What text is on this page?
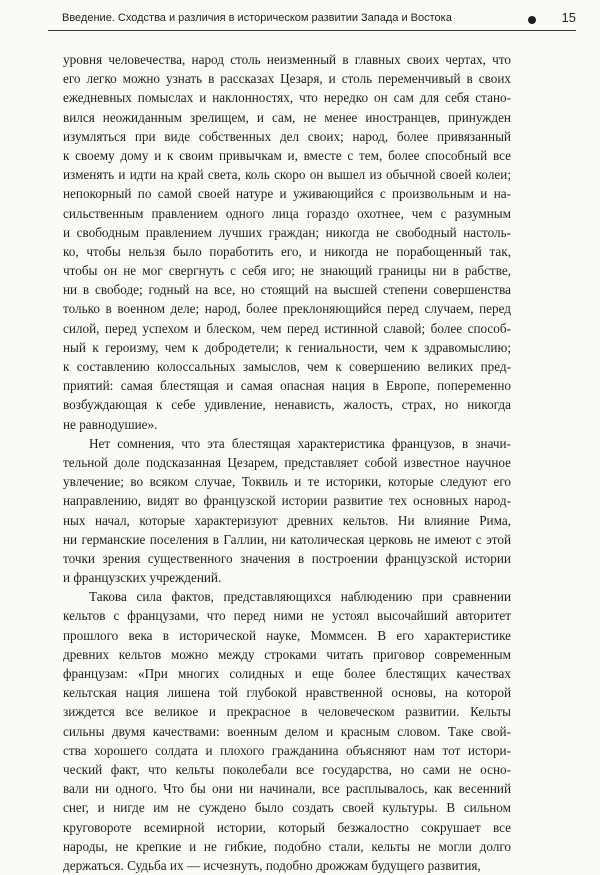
Введение. Сходства и различия в историческом развитии Запада и Востока	15
уровня человечества, народ столь неизменный в главных своих чертах, что
его легко можно узнать в рассказах Цезаря, и столь переменчивый в своих
ежедневных помыслах и наклонностях, что нередко он сам для себя стано-
вился неожиданным зрелищем, и сам, не менее иностранцев, принужден
изумляться при виде собственных дел своих; народ, более привязанный
к своему дому и к своим привычкам и, вместе с тем, более способный все
изменять и идти на край света, коль скоро он вышел из обычной своей колеи;
непокорный по самой своей натуре и уживающийся с произвольным и на-
сильственным правлением одного лица гораздо охотнее, чем с разумным
и свободным правлением лучших граждан; никогда не свободный настоль-
ко, чтобы нельзя было поработить его, и никогда не порабощенный так,
чтобы он не мог свергнуть с себя иго; не знающий границы ни в рабстве,
ни в свободе; годный на все, но стоящий на высшей степени совершенства
только в военном деле; народ, более преклоняющийся перед случаем, перед
силой, перед успехом и блеском, чем перед истинной славой; более способ-
ный к героизму, чем к добродетели; к гениальности, чем к здравомыслию;
к составлению колоссальных замыслов, чем к совершению великих пред-
приятий: самая блестящая и самая опасная нация в Европе, попеременно
возбуждающая к себе удивление, ненависть, жалость, страх, но никогда
не равнодушие».
Нет сомнения, что эта блестящая характеристика французов, в значи-
тельной доле подсказанная Цезарем, представляет собой известное научное
увлечение; во всяком случае, Токвиль и те историки, которые следуют его
направлению, видят во французской истории развитие тех основных народ-
ных начал, которые характеризуют древних кельтов. Ни влияние Рима,
ни германские поселения в Галлии, ни католическая церковь не имеют с этой
точки зрения существенного значения в построении французской истории
и французских учреждений.
Такова сила фактов, представляющихся наблюдению при сравнении
кельтов с французами, что перед ними не устоял высочайший авторитет
прошлого века в исторической науке, Моммсен. В его характеристике
древних кельтов можно между строками читать приговор современным
французам: «При многих солидных и еще более блестящих качествах
кельтская нация лишена той глубокой нравственной основы, на которой
зиждется все великое и прекрасное в человеческом развитии. Кельты
сильны двумя качествами: военным делом и красным словом. Таке свой-
ства хорошего солдата и плохого гражданина объясняют нам тот истори-
ческий факт, что кельты поколебали все государства, но сами не осно-
вали ни одного. Что бы они ни начинали, все расплывалось, как весенний
снег, и нигде им не суждено было создать своей культуры. В сильном
круговороте всемирной истории, который безжалостно сокрушает все
народы, не крепкие и не гибкие, подобно стали, кельты не могли долго
держаться. Судьба их — исчезнуть, подобно дрожжам будущего развития,
